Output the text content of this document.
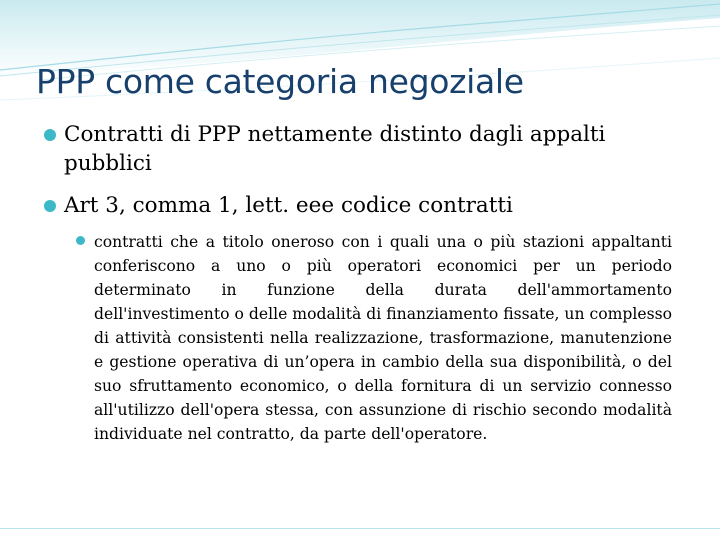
PPP come categoria negoziale
Contratti di PPP nettamente distinto dagli appalti pubblici
Art 3, comma 1, lett. eee codice contratti
contratti che a titolo oneroso con i quali una o più stazioni appaltanti conferiscono a uno o più operatori economici per un periodo determinato in funzione della durata dell'ammortamento dell'investimento o delle modalità di finanziamento fissate, un complesso di attività consistenti nella realizzazione, trasformazione, manutenzione e gestione operativa di un’opera in cambio della sua disponibilità, o del suo sfruttamento economico, o della fornitura di un servizio connesso all'utilizzo dell'opera stessa, con assunzione di rischio secondo modalità individuate nel contratto, da parte dell'operatore.
